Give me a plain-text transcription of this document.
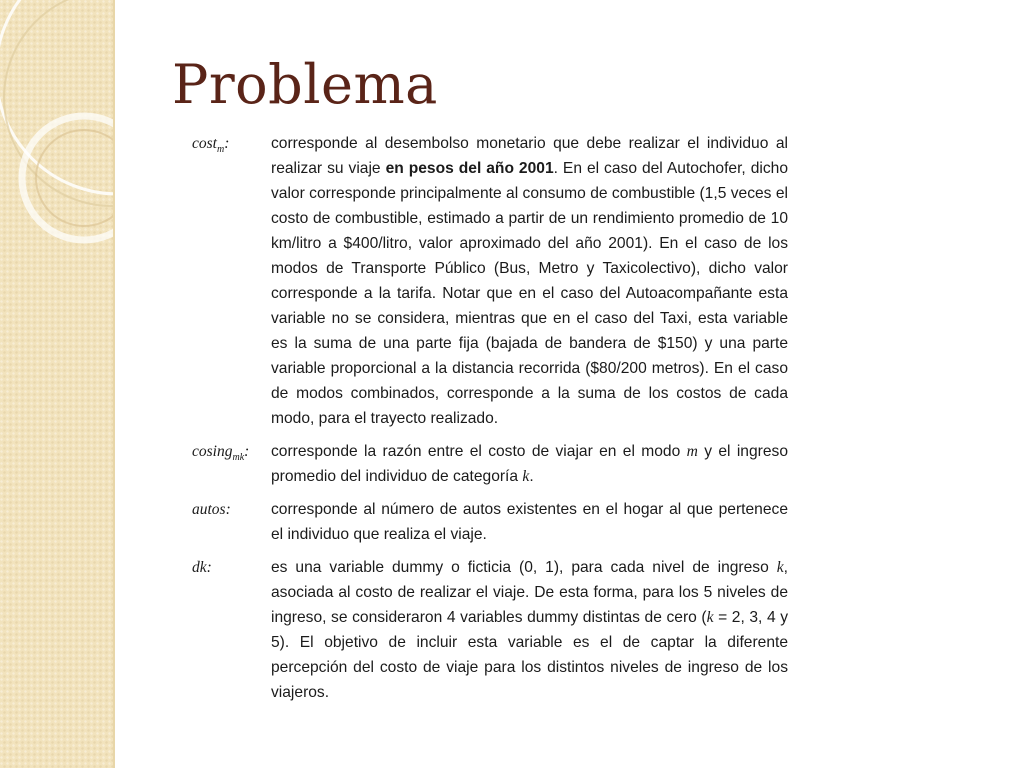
Problema
cost$_m$:	corresponde al desembolso monetario que debe realizar el individuo al realizar su viaje en pesos del año 2001. En el caso del Autochofer, dicho valor corresponde principalmente al consumo de combustible (1,5 veces el costo de combustible, estimado a partir de un rendimiento promedio de 10 km/litro a $400/litro, valor aproximado del año 2001). En el caso de los modos de Transporte Público (Bus, Metro y Taxicolectivo), dicho valor corresponde a la tarifa. Notar que en el caso del Autoacompañante esta variable no se considera, mientras que en el caso del Taxi, esta variable es la suma de una parte fija (bajada de bandera de $150) y una parte variable proporcional a la distancia recorrida ($80/200 metros). En el caso de modos combinados, corresponde a la suma de los costos de cada modo, para el trayecto realizado.
cosing$_{mk}$:	corresponde la razón entre el costo de viajar en el modo m y el ingreso promedio del individuo de categoría k.
autos:	corresponde al número de autos existentes en el hogar al que pertenece el individuo que realiza el viaje.
dk:	es una variable dummy o ficticia (0, 1), para cada nivel de ingreso k, asociada al costo de realizar el viaje. De esta forma, para los 5 niveles de ingreso, se consideraron 4 variables dummy distintas de cero (k = 2, 3, 4 y 5). El objetivo de incluir esta variable es el de captar la diferente percepción del costo de viaje para los distintos niveles de ingreso de los viajeros.
